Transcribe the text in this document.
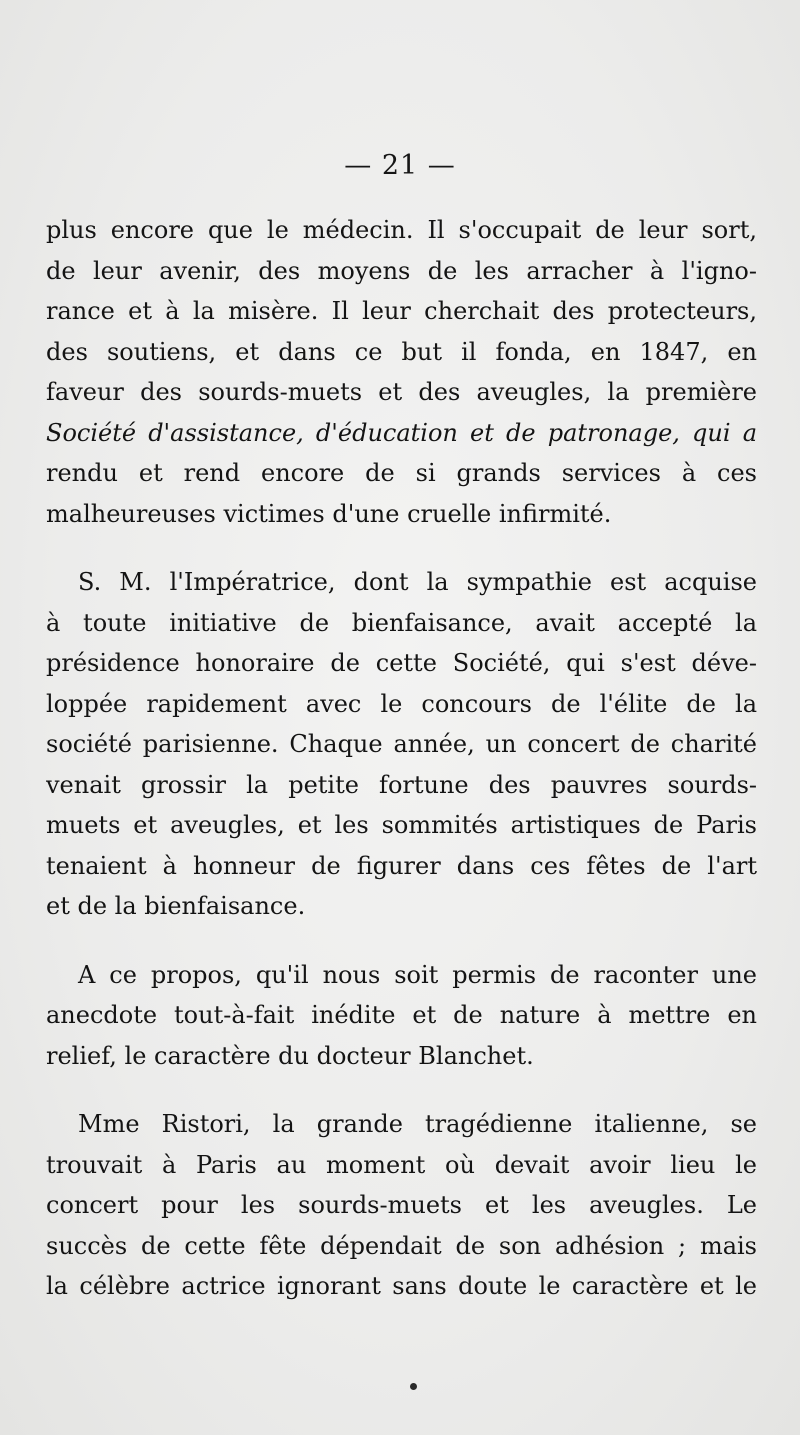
— 21 —
plus encore que le médecin. Il s'occupait de leur sort,
de leur avenir, des moyens de les arracher à l'igno-
rance et à la misère. Il leur cherchait des protecteurs,
des soutiens, et dans ce but il fonda, en 1847, en
faveur des sourds-muets et des aveugles, la première
Société d'assistance, d'éducation et de patronage, qui a
rendu et rend encore de si grands services à ces
malheureuses victimes d'une cruelle infirmité.
S. M. l'Impératrice, dont la sympathie est acquise
à toute initiative de bienfaisance, avait accepté la
présidence honoraire de cette Société, qui s'est déve-
loppée rapidement avec le concours de l'élite de la
société parisienne. Chaque année, un concert de charité
venait grossir la petite fortune des pauvres sourds-
muets et aveugles, et les sommités artistiques de Paris
tenaient à honneur de figurer dans ces fêtes de l'art
et de la bienfaisance.
A ce propos, qu'il nous soit permis de raconter une
anecdote tout-à-fait inédite et de nature à mettre en
relief, le caractère du docteur Blanchet.
Mme Ristori, la grande tragédienne italienne, se
trouvait à Paris au moment où devait avoir lieu le
concert pour les sourds-muets et les aveugles. Le
succès de cette fête dépendait de son adhésion ; mais
la célèbre actrice ignorant sans doute le caractère et le
